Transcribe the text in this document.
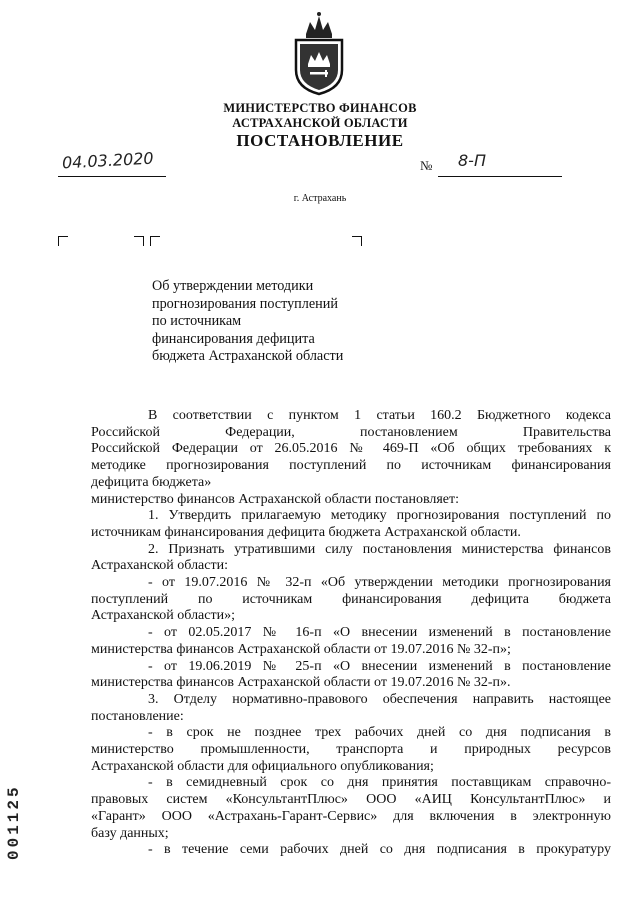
МИНИСТЕРСТВО ФИНАНСОВ
АСТРАХАНСКОЙ ОБЛАСТИ
ПОСТАНОВЛЕНИЕ
04.03.2020	№ 8-П
г. Астрахань
Об утверждении методики
прогнозирования поступлений
по источникам
финансирования дефицита
бюджета Астраханской области
В соответствии с пунктом 1 статьи 160.2 Бюджетного кодекса
Российской Федерации, постановлением Правительства
Российской Федерации от 26.05.2016 № 469-П «Об общих требованиях к
методике прогнозирования поступлений по источникам финансирования
дефицита бюджета»
министерство финансов Астраханской области постановляет:
1. Утвердить прилагаемую методику прогнозирования поступлений по
источникам финансирования дефицита бюджета Астраханской области.
2. Признать утратившими силу постановления министерства финансов
Астраханской области:
- от 19.07.2016 № 32-п «Об утверждении методики прогнозирования
поступлений по источникам финансирования дефицита бюджета
Астраханской области»;
- от 02.05.2017 № 16-п «О внесении изменений в постановление
министерства финансов Астраханской области от 19.07.2016 № 32-п»;
- от 19.06.2019 № 25-п «О внесении изменений в постановление
министерства финансов Астраханской области от 19.07.2016 № 32-п».
3. Отделу нормативно-правового обеспечения направить настоящее
постановление:
- в срок не позднее трех рабочих дней со дня подписания в
министерство промышленности, транспорта и природных ресурсов
Астраханской области для официального опубликования;
- в семидневный срок со дня принятия поставщикам справочно-
правовых систем «КонсультантПлюс» ООО «АИЦ КонсультантПлюс» и
«Гарант» ООО «Астрахань-Гарант-Сервис» для включения в электронную
базу данных;
- в течение семи рабочих дней со дня подписания в прокуратуру
001125
